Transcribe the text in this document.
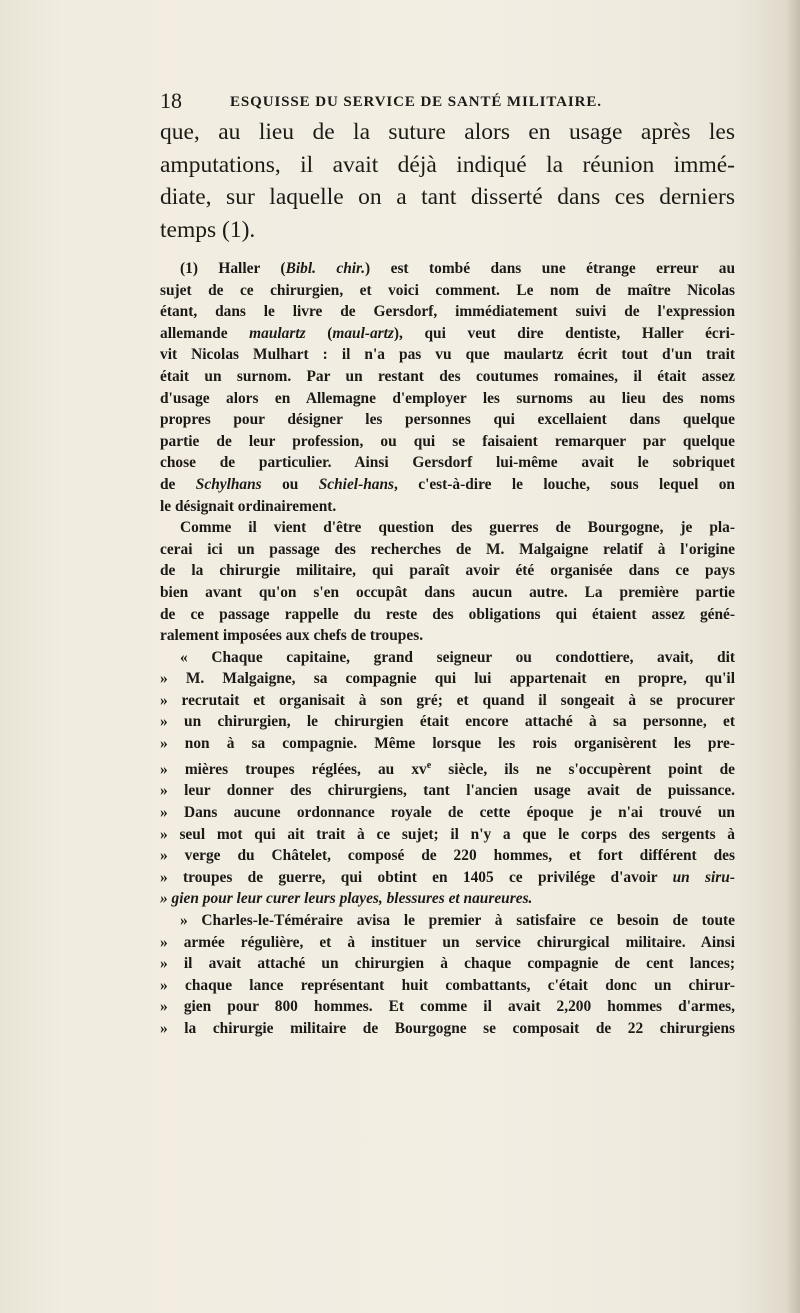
18	ESQUISSE DU SERVICE DE SANTÉ MILITAIRE.
que, au lieu de la suture alors en usage après les
amputations, il avait déjà indiqué la réunion immé-
diate, sur laquelle on a tant disserté dans ces derniers
temps (1).
(1) Haller (Bibl. chir.) est tombé dans une étrange erreur au
sujet de ce chirurgien, et voici comment. Le nom de maître Nicolas
étant, dans le livre de Gersdorf, immédiatement suivi de l'expression
allemande maulartz (maul-artz), qui veut dire dentiste, Haller écri-
vit Nicolas Mulhart : il n'a pas vu que maulartz écrit tout d'un trait
était un surnom. Par un restant des coutumes romaines, il était assez
d'usage alors en Allemagne d'employer les surnoms au lieu des noms
propres pour désigner les personnes qui excellaient dans quelque
partie de leur profession, ou qui se faisaient remarquer par quelque
chose de particulier. Ainsi Gersdorf lui-même avait le sobriquet
de Schylhans ou Schiel-hans, c'est-à-dire le louche, sous lequel on
le désignait ordinairement.
Comme il vient d'être question des guerres de Bourgogne, je pla-
cerai ici un passage des recherches de M. Malgaigne relatif à l'origine
de la chirurgie militaire, qui paraît avoir été organisée dans ce pays
bien avant qu'on s'en occupât dans aucun autre. La première partie
de ce passage rappelle du reste des obligations qui étaient assez géné-
ralement imposées aux chefs de troupes.
« Chaque capitaine, grand seigneur ou condottiere, avait, dit
» M. Malgaigne, sa compagnie qui lui appartenait en propre, qu'il
» recrutait et organisait à son gré; et quand il songeait à se procurer
» un chirurgien, le chirurgien était encore attaché à sa personne, et
» non à sa compagnie. Même lorsque les rois organisèrent les pre-
» mières troupes réglées, au $xv^e$ siècle, ils ne s'occupèrent point de
» leur donner des chirurgiens, tant l'ancien usage avait de puissance.
» Dans aucune ordonnance royale de cette époque je n'ai trouvé un
» seul mot qui ait trait à ce sujet; il n'y a que le corps des sergents à
» verge du Châtelet, composé de 220 hommes, et fort différent des
» troupes de guerre, qui obtint en 1405 ce privilége d'avoir un siru-
» gien pour leur curer leurs playes, blessures et naureures.
» Charles-le-Téméraire avisa le premier à satisfaire ce besoin de toute
» armée régulière, et à instituer un service chirurgical militaire. Ainsi
» il avait attaché un chirurgien à chaque compagnie de cent lances;
» chaque lance représentant huit combattants, c'était donc un chirur-
» gien pour 800 hommes. Et comme il avait 2,200 hommes d'armes,
» la chirurgie militaire de Bourgogne se composait de 22 chirurgiens
